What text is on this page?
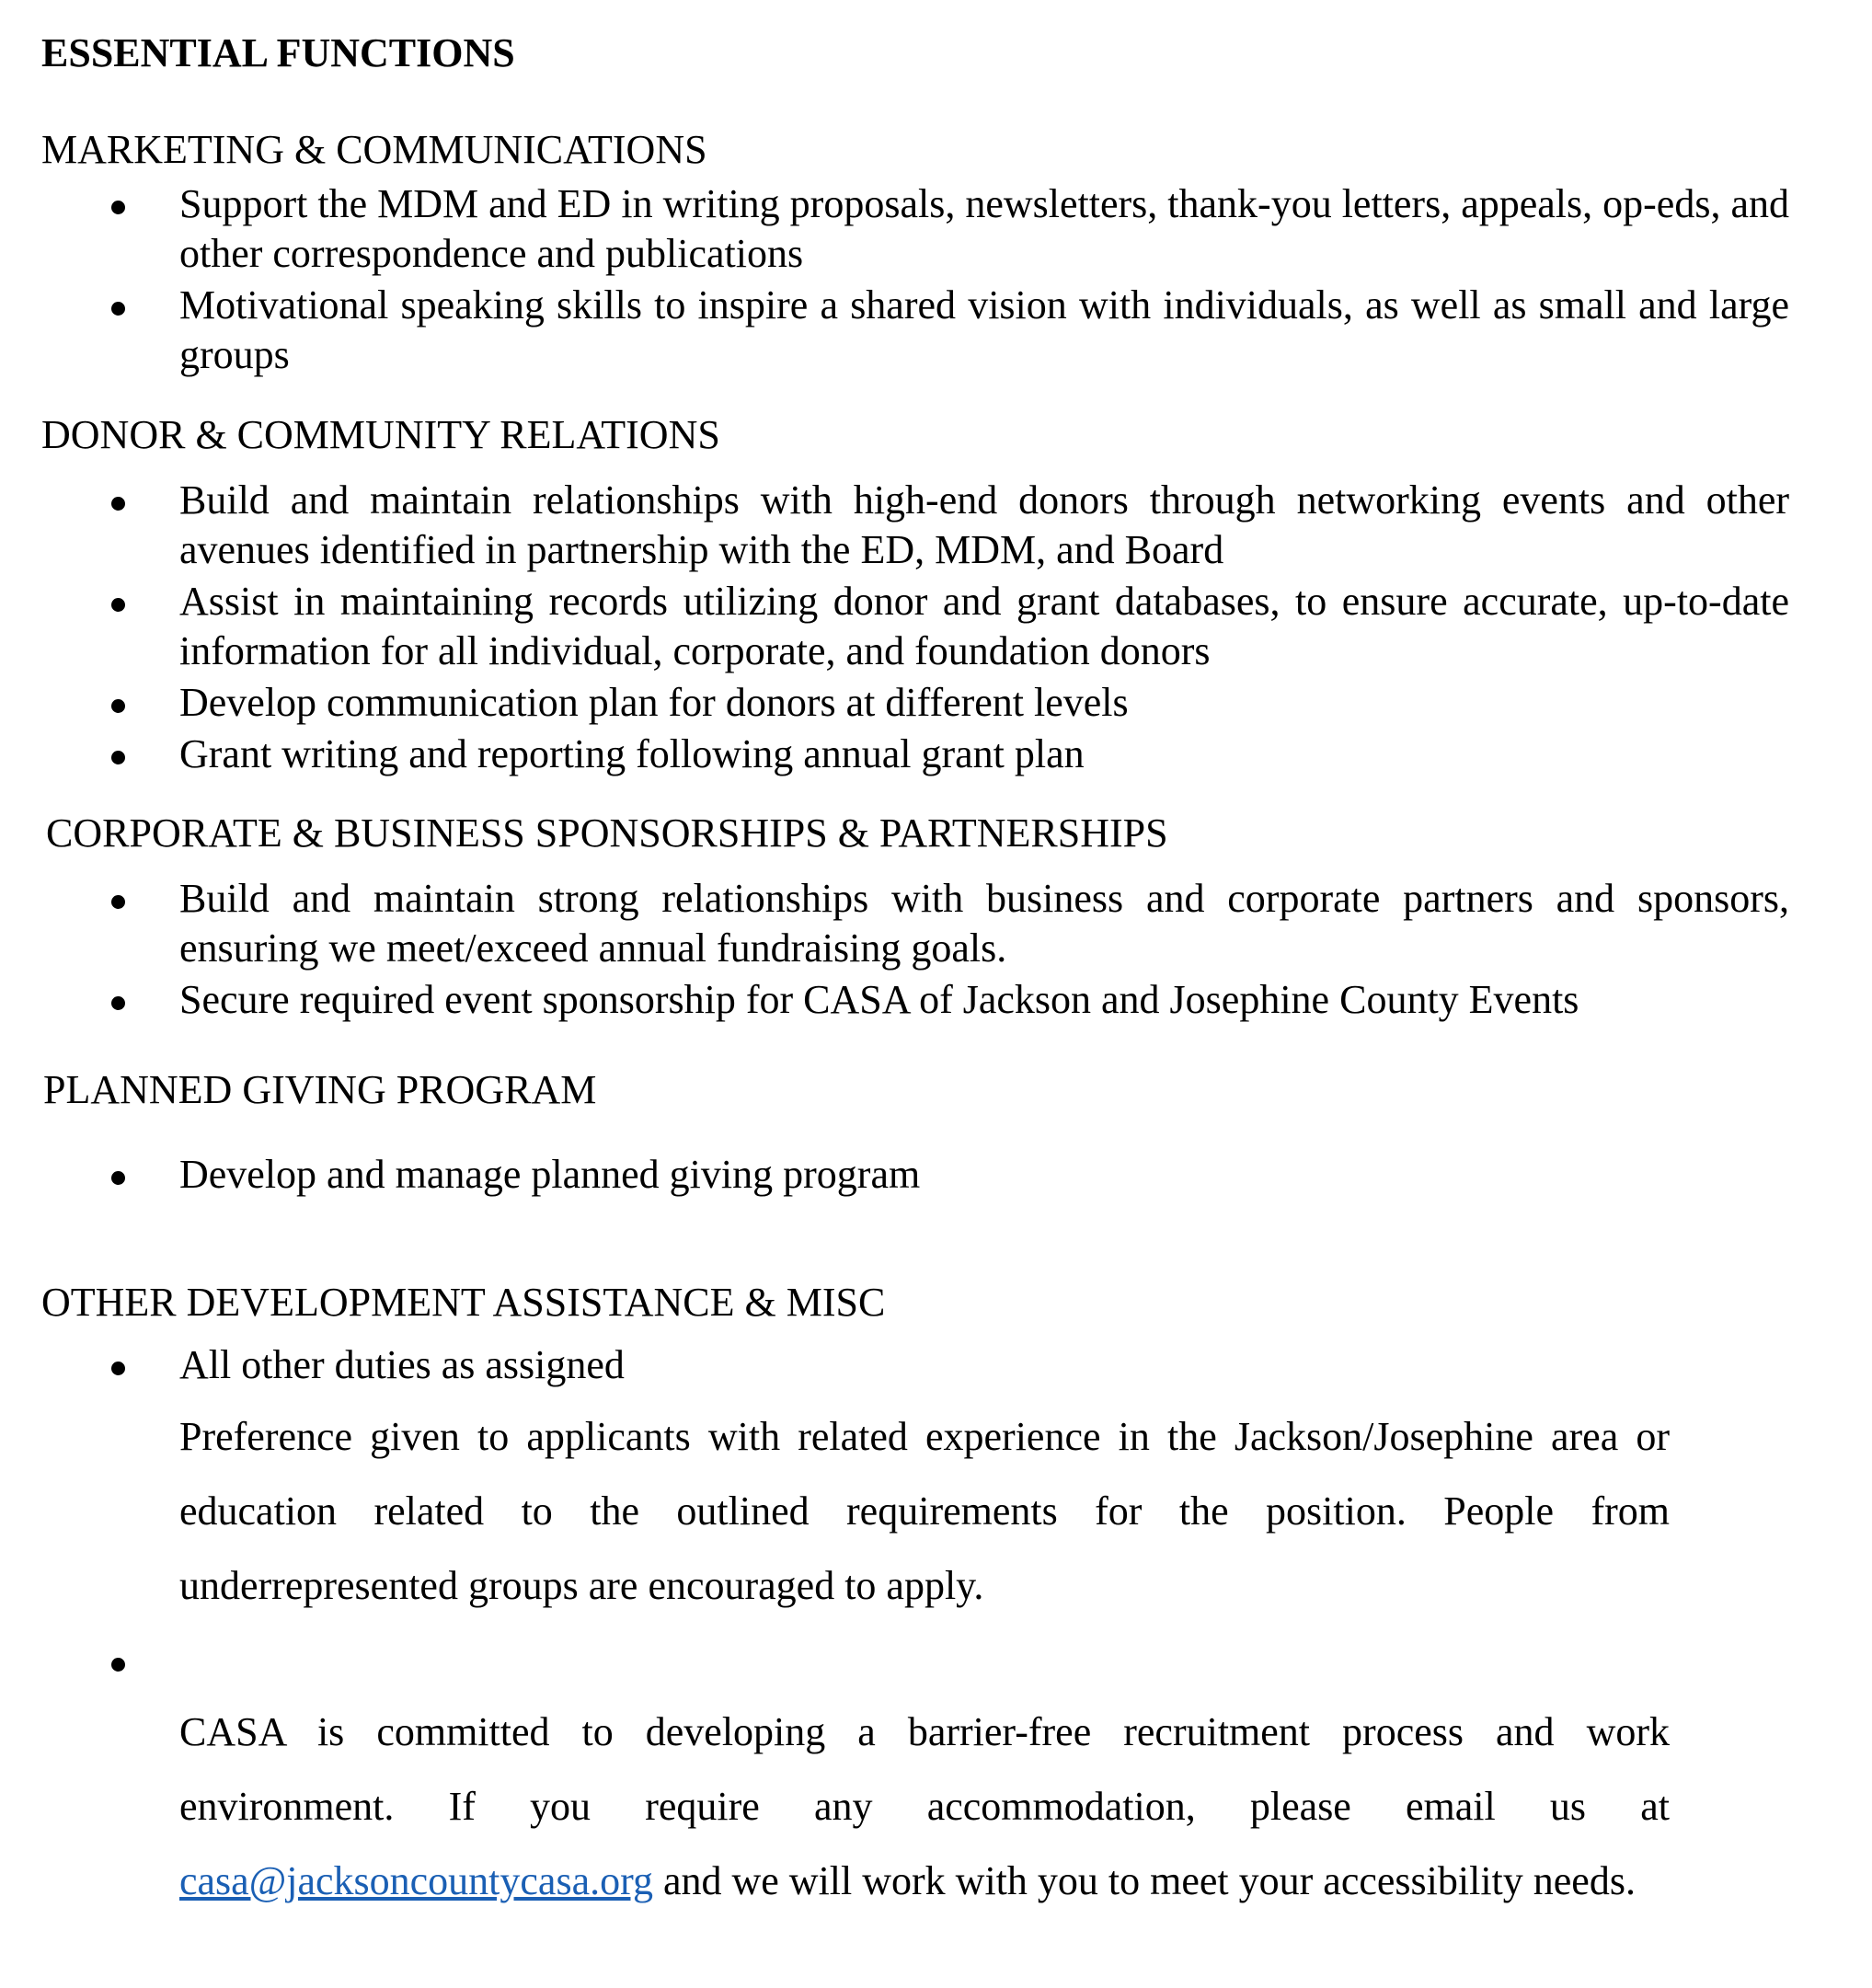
ESSENTIAL FUNCTIONS
MARKETING & COMMUNICATIONS
Support the MDM and ED in writing proposals, newsletters, thank-you letters, appeals, op-eds, and other correspondence and publications
Motivational speaking skills to inspire a shared vision with individuals, as well as small and large groups
DONOR & COMMUNITY RELATIONS
Build and maintain relationships with high-end donors through networking events and other avenues identified in partnership with the ED, MDM, and Board
Assist in maintaining records utilizing donor and grant databases, to ensure accurate, up-to-date information for all individual, corporate, and foundation donors
Develop communication plan for donors at different levels
Grant writing and reporting following annual grant plan
CORPORATE & BUSINESS SPONSORSHIPS & PARTNERSHIPS
Build and maintain strong relationships with business and corporate partners and sponsors, ensuring we meet/exceed annual fundraising goals.
Secure required event sponsorship for CASA of Jackson and Josephine County Events
PLANNED GIVING PROGRAM
Develop and manage planned giving program
OTHER DEVELOPMENT ASSISTANCE & MISC
All other duties as assigned

Preference given to applicants with related experience in the Jackson/Josephine area or education related to the outlined requirements for the position. People from underrepresented groups are encouraged to apply.

CASA is committed to developing a barrier-free recruitment process and work environment. If you require any accommodation, please email us at casa@jacksoncountycasa.org and we will work with you to meet your accessibility needs.
